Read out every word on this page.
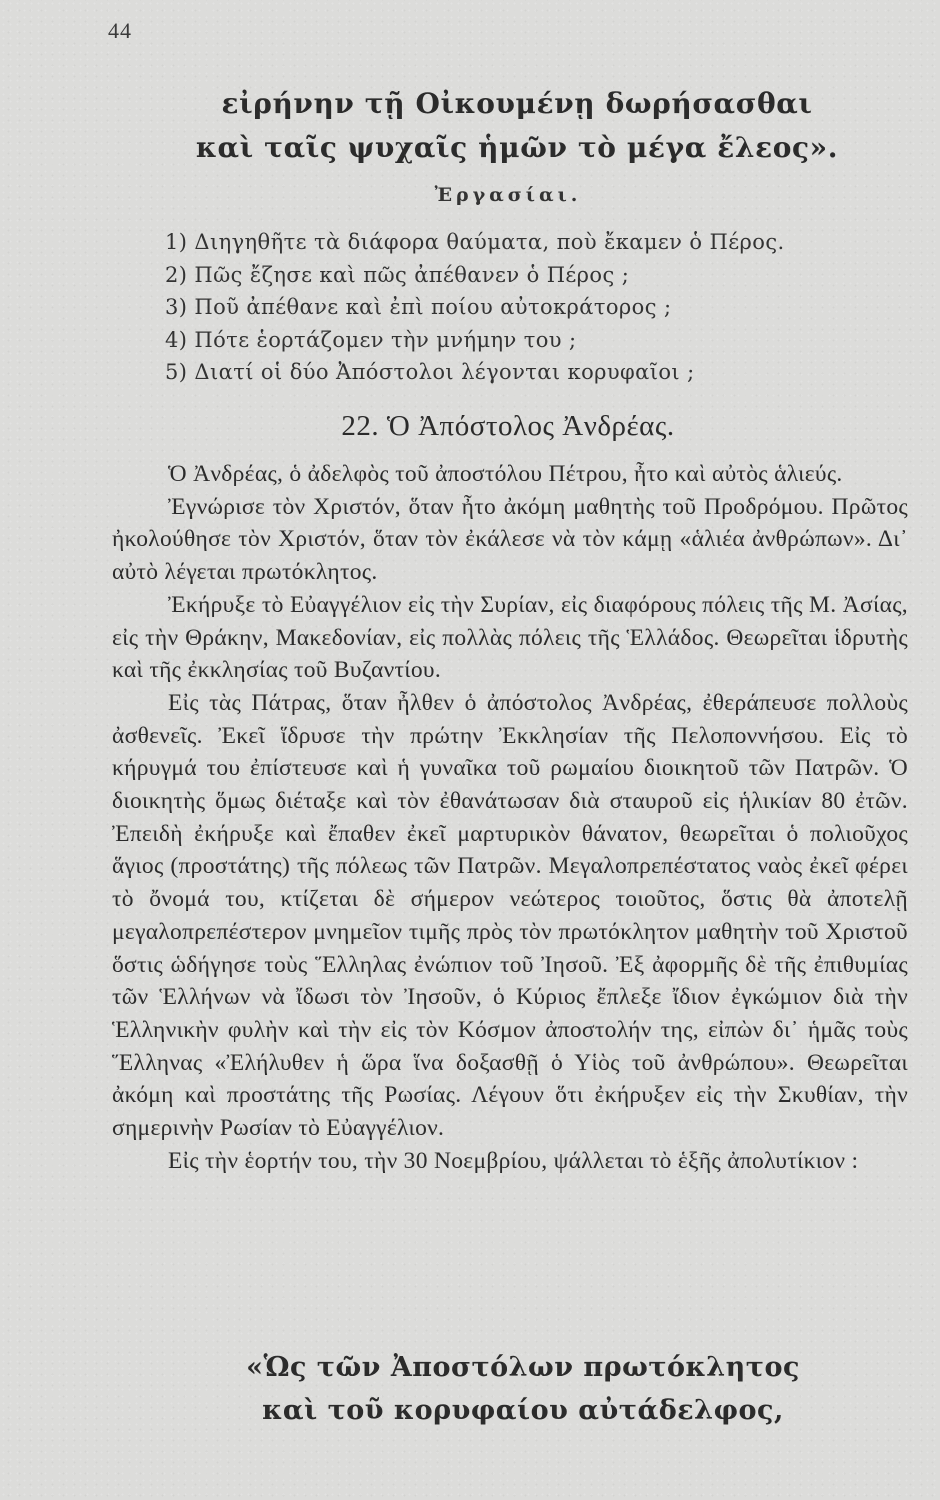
44

εἰρήνην τῇ Οἰκουμένῃ δωρήσασθαι

καὶ ταῖς ψυχαῖς ἡμῶν τὸ μέγα ἔλεος».

Ἐργασίαι.

1) Διηγηθῆτε τὰ διάφορα θαύματα, ποὺ ἔκαμεν ὁ Πέρος.

2) Πῶς ἔζησε καὶ πῶς ἀπέθανεν ὁ Πέρος ;

3) Ποῦ ἀπέθανε καὶ ἐπὶ ποίου αὐτοκράτορος ;

4) Πότε ἑορτάζομεν τὴν μνήμην του ;

5) Διατί οἱ δύο Ἀπόστολοι λέγονται κορυφαῖοι ;

22. Ὁ Ἀπόστολος Ἀνδρέας.

Ὁ Ἀνδρέας, ὁ ἀδελφὸς τοῦ ἀποστόλου Πέτρου, ἦτο καὶ αὐτὸς ἁλιεύς.

Ἐγνώρισε τὸν Χριστόν, ὅταν ἦτο ἀκόμη μαθητὴς τοῦ Προδρόμου. Πρῶτος ἠκολούθησε τὸν Χριστόν, ὅταν τὸν ἐκάλεσε νὰ τὸν κάμῃ «ἁλιέα ἀνθρώπων». Δι᾿ αὐτὸ λέγεται πρωτόκλητος.

Ἐκήρυξε τὸ Εὐαγγέλιον εἰς τὴν Συρίαν, εἰς διαφόρους πόλεις τῆς Μ. Ἀσίας, εἰς τὴν Θράκην, Μακεδονίαν, εἰς πολλὰς πόλεις τῆς Ἑλλάδος. Θεωρεῖται ἱδρυτὴς καὶ τῆς ἐκκλησίας τοῦ Βυζαντίου.

Εἰς τὰς Πάτρας, ὅταν ἦλθεν ὁ ἀπόστολος Ἀνδρέας, ἐθεράπευσε πολλοὺς ἀσθενεῖς. Ἐκεῖ ἵδρυσε τὴν πρώτην Ἐκκλησίαν τῆς Πελοποννήσου. Εἰς τὸ κήρυγμά του ἐπίστευσε καὶ ἡ γυναῖκα τοῦ ρωμαίου διοικητοῦ τῶν Πατρῶν. Ὁ διοικητὴς ὅμως διέταξε καὶ τὸν ἐθανάτωσαν διὰ σταυροῦ εἰς ἡλικίαν 80 ἐτῶν. Ἐπειδὴ ἐκήρυξε καὶ ἔπαθεν ἐκεῖ μαρτυρικὸν θάνατον, θεωρεῖται ὁ πολιοῦχος ἅγιος (προστάτης) τῆς πόλεως τῶν Πατρῶν. Μεγαλοπρεπέστατος ναὸς ἐκεῖ φέρει τὸ ὄνομά του, κτίζεται δὲ σήμερον νεώτερος τοιοῦτος, ὅστις θὰ ἀποτελῇ μεγαλοπρεπέστερον μνημεῖον τιμῆς πρὸς τὸν πρωτόκλητον μαθητὴν τοῦ Χριστοῦ ὅστις ὡδήγησε τοὺς Ἕλληλας ἐνώπιον τοῦ Ἰησοῦ. Ἐξ ἀφορμῆς δὲ τῆς ἐπιθυμίας τῶν Ἑλλήνων νὰ ἴδωσι τὸν Ἰησοῦν, ὁ Κύριος ἔπλεξε ἴδιον ἐγκώμιον διὰ τὴν Ἑλληνικὴν φυλὴν καὶ τὴν εἰς τὸν Κόσμον ἀποστολήν της, εἰπὼν δι᾿ ἡμᾶς τοὺς Ἕλληνας «Ἐλήλυθεν ἡ ὥρα ἵνα δοξασθῇ ὁ Υἱὸς τοῦ ἀνθρώπου». Θεωρεῖται ἀκόμη καὶ προστάτης τῆς Ρωσίας. Λέγουν ὅτι ἐκήρυξεν εἰς τὴν Σκυθίαν, τὴν σημερινὴν Ρωσίαν τὸ Εὐαγγέλιον.

Εἰς τὴν ἑορτήν του, τὴν 30 Νοεμβρίου, ψάλλεται τὸ ἑξῆς ἀπολυτίκιον :

«Ὡς τῶν Ἀποστόλων πρωτόκλητος

καὶ τοῦ κορυφαίου αὐτάδελφος,
